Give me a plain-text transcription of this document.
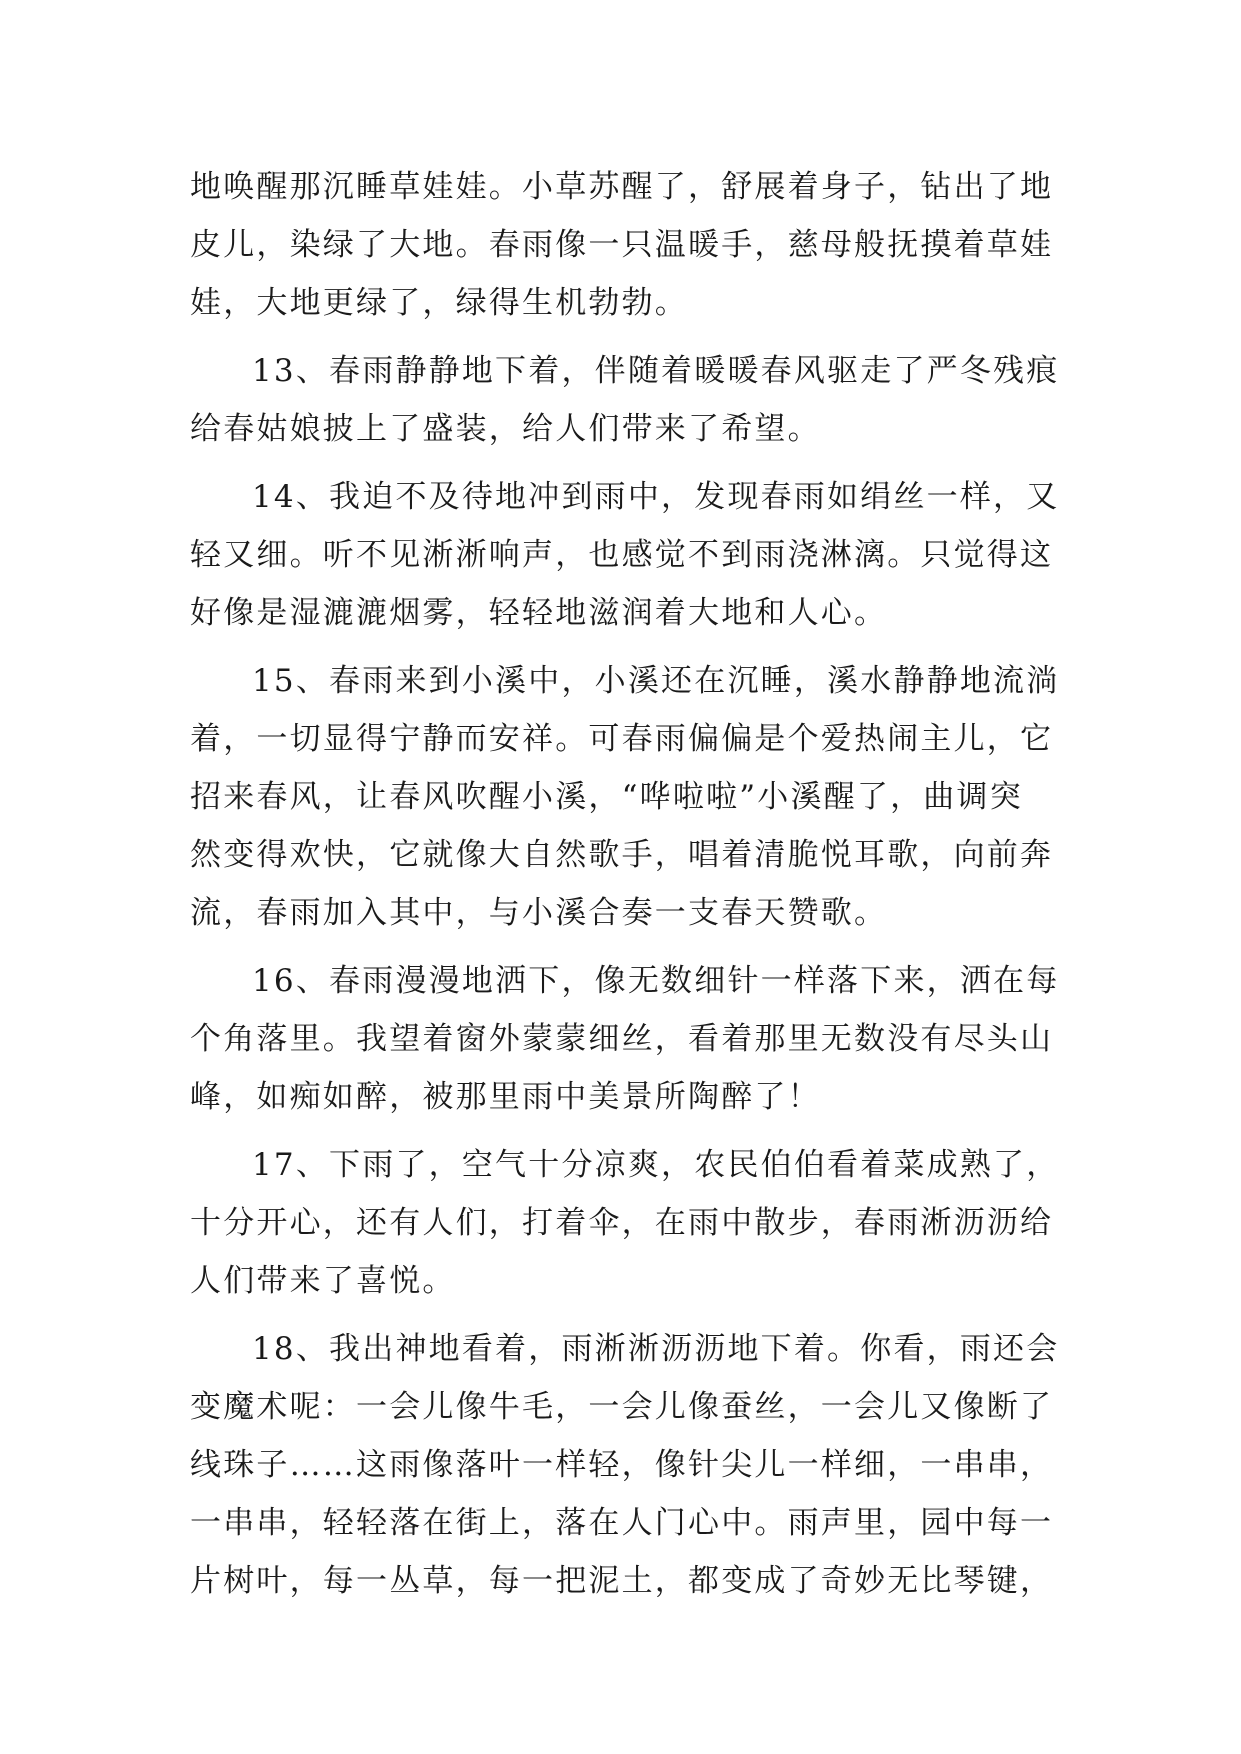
地唤醒那沉睡草娃娃。小草苏醒了，舒展着身子，钻出了地
皮儿，染绿了大地。春雨像一只温暖手，慈母般抚摸着草娃
娃，大地更绿了，绿得生机勃勃。
13、春雨静静地下着，伴随着暖暖春风驱走了严冬残痕
给春姑娘披上了盛装，给人们带来了希望。
14、我迫不及待地冲到雨中，发现春雨如绢丝一样，又
轻又细。听不见淅淅响声，也感觉不到雨浇淋漓。只觉得这
好像是湿漉漉烟雾，轻轻地滋润着大地和人心。
15、春雨来到小溪中，小溪还在沉睡，溪水静静地流淌
着，一切显得宁静而安祥。可春雨偏偏是个爱热闹主儿，它
招来春风，让春风吹醒小溪，“哗啦啦”小溪醒了，曲调突
然变得欢快，它就像大自然歌手，唱着清脆悦耳歌，向前奔
流，春雨加入其中，与小溪合奏一支春天赞歌。
16、春雨漫漫地洒下，像无数细针一样落下来，洒在每
个角落里。我望着窗外蒙蒙细丝，看着那里无数没有尽头山
峰，如痴如醉，被那里雨中美景所陶醉了！
17、下雨了，空气十分凉爽，农民伯伯看着菜成熟了，
十分开心，还有人们，打着伞，在雨中散步，春雨淅沥沥给
人们带来了喜悦。
18、我出神地看着，雨淅淅沥沥地下着。你看，雨还会
变魔术呢：一会儿像牛毛，一会儿像蚕丝，一会儿又像断了
线珠子……这雨像落叶一样轻，像针尖儿一样细，一串串，
一串串，轻轻落在街上，落在人门心中。雨声里，园中每一
片树叶，每一丛草，每一把泥土，都变成了奇妙无比琴键，
